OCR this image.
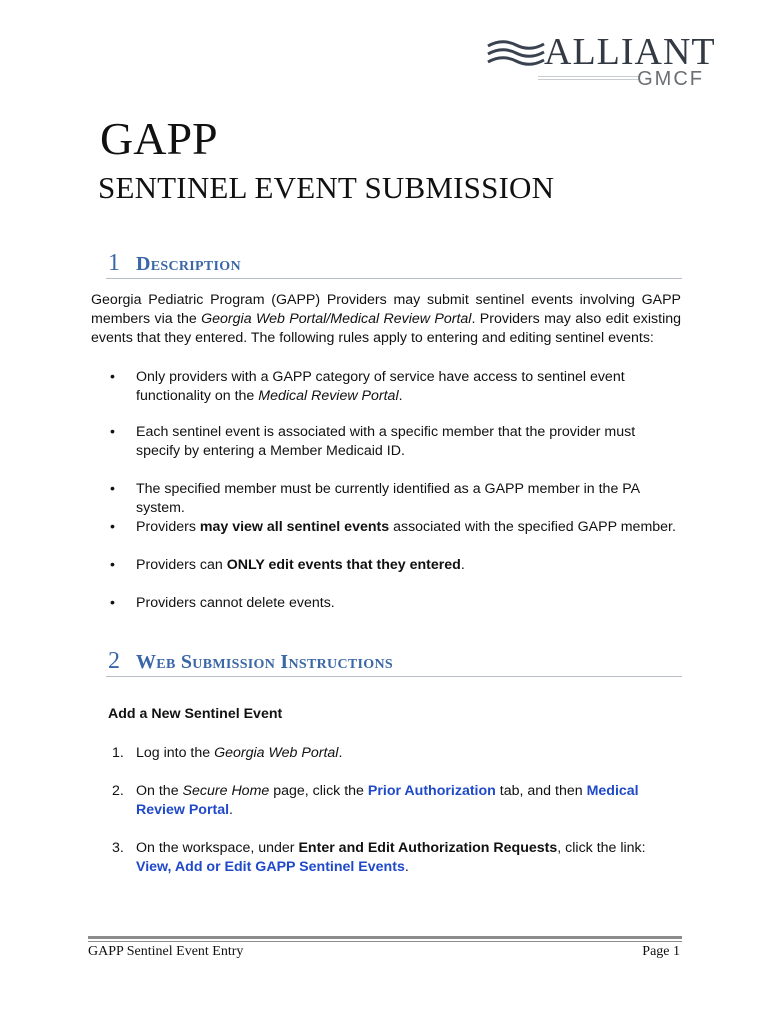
ALLIANT
GMCF
GAPP
SENTINEL EVENT SUBMISSION
1 Description
Georgia Pediatric Program (GAPP) Providers may submit sentinel events involving GAPP members via the Georgia Web Portal/Medical Review Portal. Providers may also edit existing events that they entered. The following rules apply to entering and editing sentinel events:
•	Only providers with a GAPP category of service have access to sentinel event functionality on the Medical Review Portal.
•	Each sentinel event is associated with a specific member that the provider must specify by entering a Member Medicaid ID.
•	The specified member must be currently identified as a GAPP member in the PA system.
•	Providers may view all sentinel events associated with the specified GAPP member.
•	Providers can ONLY edit events that they entered.
•	Providers cannot delete events.
2 Web Submission Instructions
Add a New Sentinel Event
1. Log into the Georgia Web Portal.
2. On the Secure Home page, click the Prior Authorization tab, and then Medical Review Portal.
3. On the workspace, under Enter and Edit Authorization Requests, click the link: View, Add or Edit GAPP Sentinel Events.
GAPP Sentinel Event Entry	Page 1
